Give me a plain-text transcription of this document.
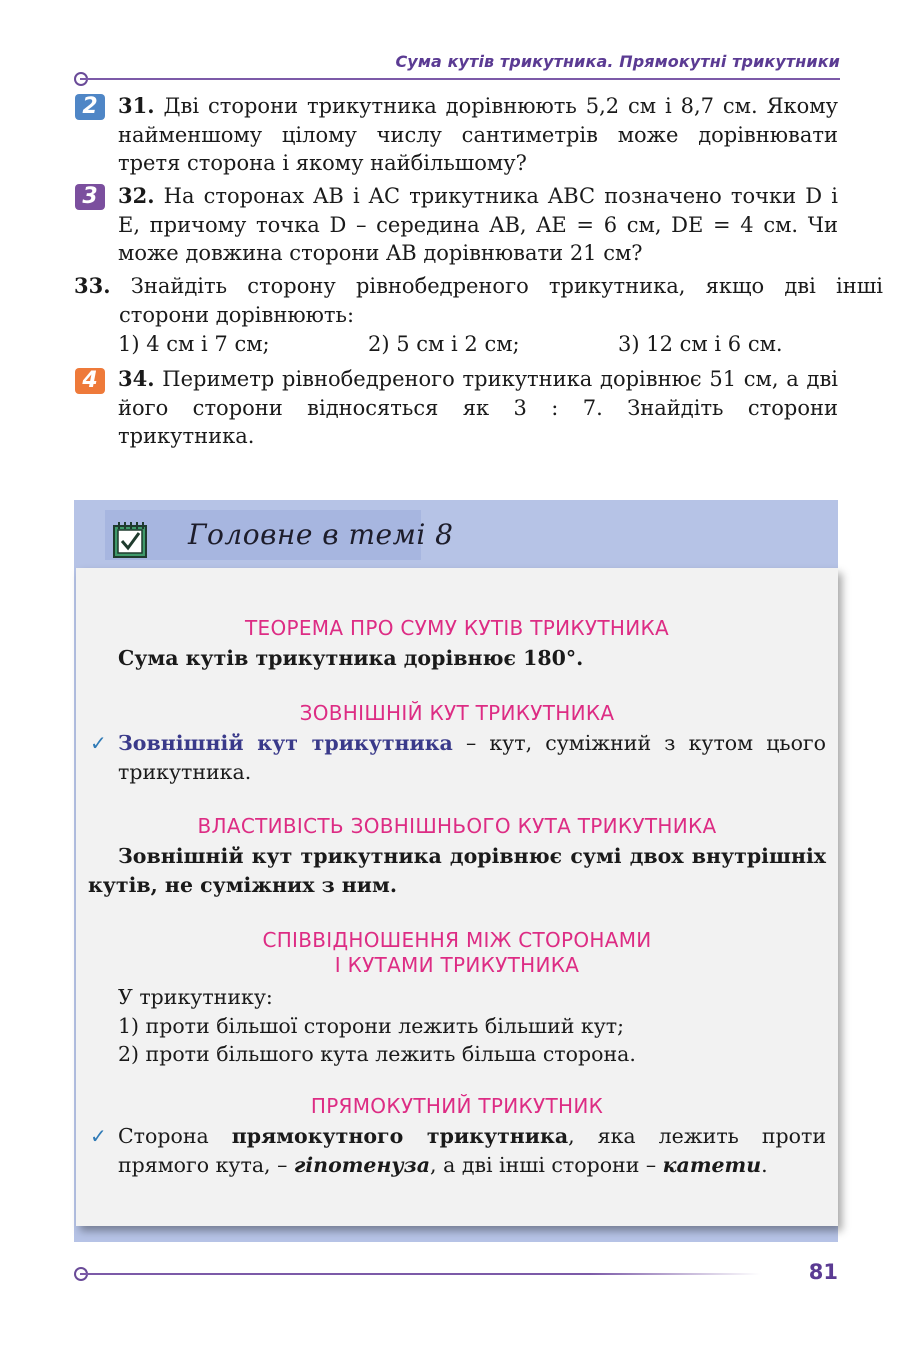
Сума кутів трикутника. Прямокутні трикутники
2 31. Дві сторони трикутника дорівнюють 5,2 см і 8,7 см. Якому найменшому цілому числу сантиметрів може дорівнювати третя сторона і якому найбільшому?
3 32. На сторонах AB і AC трикутника ABC позначено точки D і E, причому точка D – середина AB, AE = 6 см, DE = 4 см. Чи може довжина сторони AB дорівнювати 21 см?
33. Знайдіть сторону рівнобедреного трикутника, якщо дві інші сторони дорівнюють:
1) 4 см і 7 см;	2) 5 см і 2 см;	3) 12 см і 6 см.
4 34. Периметр рівнобедреного трикутника дорівнює 51 см, а дві його сторони відносяться як 3 : 7. Знайдіть сторони трикутника.
Головне в темі 8
ТЕОРЕМА ПРО СУМУ КУТІВ ТРИКУТНИКА
Сума кутів трикутника дорівнює 180°.
ЗОВНІШНІЙ КУТ ТРИКУТНИКА
✓ Зовнішній кут трикутника – кут, суміжний з кутом цього трикутника.
ВЛАСТИВІСТЬ ЗОВНІШНЬОГО КУТА ТРИКУТНИКА
Зовнішній кут трикутника дорівнює сумі двох внутрішніх кутів, не суміжних з ним.
СПІВВІДНОШЕННЯ МІЖ СТОРОНАМИ
І КУТАМИ ТРИКУТНИКА
У трикутнику:
1) проти більшої сторони лежить більший кут;
2) проти більшого кута лежить більша сторона.
ПРЯМОКУТНИЙ ТРИКУТНИК
✓ Сторона прямокутного трикутника, яка лежить проти прямого кута, – гіпотенуза, а дві інші сторони – катети.
81
